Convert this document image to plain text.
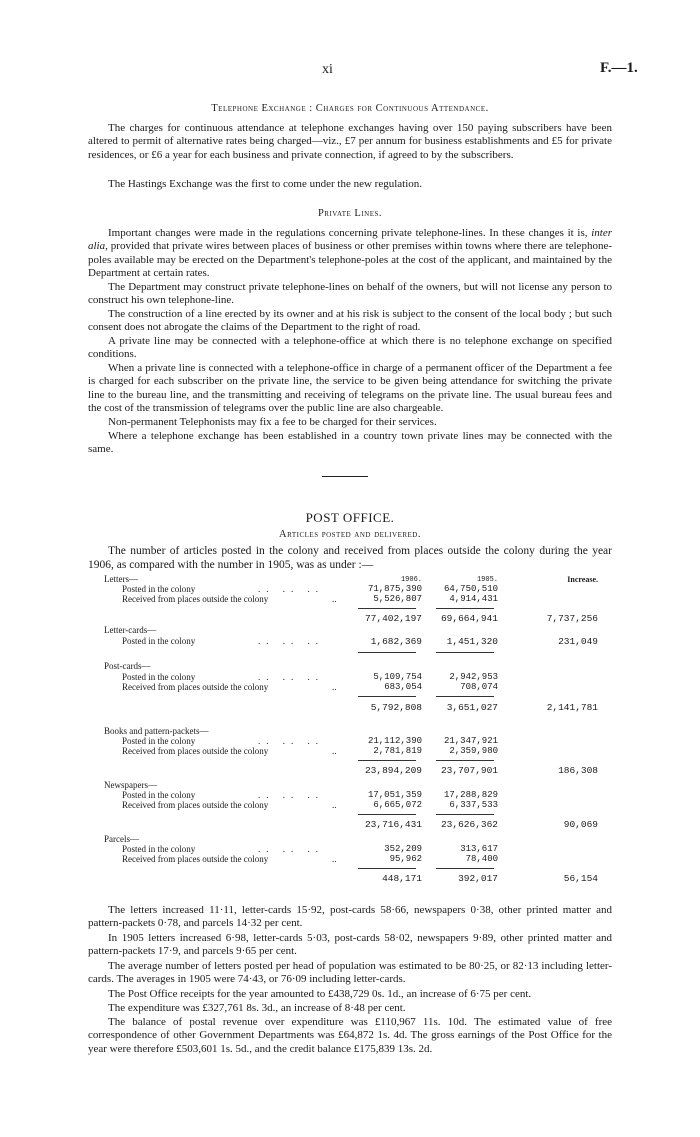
xi	F.—1.
Telephone Exchange : Charges for Continuous Attendance.

The charges for continuous attendance at telephone exchanges having over 150 paying subscribers have been altered to permit of alternative rates being charged—viz., £7 per annum for business establishments and £5 for private residences, or £6 a year for each business and private connection, if agreed to by the subscribers.

The Hastings Exchange was the first to come under the new regulation.

Private Lines.

Important changes were made in the regulations concerning private telephone-lines. In these changes it is, inter alia, provided that private wires between places of business or other premises within towns where there are telephone-poles available may be erected on the Department's telephone-poles at the cost of the applicant, and maintained by the Department at certain rates.

The Department may construct private telephone-lines on behalf of the owners, but will not license any person to construct his own telephone-line.

The construction of a line erected by its owner and at his risk is subject to the consent of the local body ; but such consent does not abrogate the claims of the Department to the right of road.

A private line may be connected with a telephone-office at which there is no telephone exchange on specified conditions.

When a private line is connected with a telephone-office in charge of a permanent officer of the Department a fee is charged for each subscriber on the private line, the service to be given being attendance for switching the private line to the bureau line, and the transmitting and receiving of telegrams on the private line. The usual bureau fees and the cost of the transmission of telegrams over the public line are also chargeable.

Non-permanent Telephonists may fix a fee to be charged for their services.

Where a telephone exchange has been established in a country town private lines may be connected with the same.

POST OFFICE.
Articles posted and delivered.

The number of articles posted in the colony and received from places outside the colony during the year 1906, as compared with the number in 1905, was as under :—

1906.	1905.	Increase.
Letters—
Posted in the colony	.. .. ..	71,875,390	64,750,510
Received from places outside the colony	..	5,526,807	4,914,431
77,402,197	69,664,941	7,737,256
Letter-cards—
Posted in the colony	.. .. ..	1,682,369	1,451,320	231,049
Post-cards—
Posted in the colony	.. .. ..	5,109,754	2,942,953
Received from places outside the colony	..	683,054	708,074
5,792,808	3,651,027	2,141,781
Books and pattern-packets—
Posted in the colony	.. .. ..	21,112,390	21,347,921
Received from places outside the colony	..	2,781,819	2,359,980
23,894,209	23,707,901	186,308
Newspapers—
Posted in the colony	.. .. ..	17,051,359	17,288,829
Received from places outside the colony	..	6,665,072	6,337,533
23,716,431	23,626,362	90,069
Parcels—
Posted in the colony	.. .. ..	352,209	313,617
Received from places outside the colony	..	95,962	78,400
448,171	392,017	56,154

The letters increased 11·11, letter-cards 15·92, post-cards 58·66, newspapers 0·38, other printed matter and pattern-packets 0·78, and parcels 14·32 per cent.

In 1905 letters increased 6·98, letter-cards 5·03, post-cards 58·02, newspapers 9·89, other printed matter and pattern-packets 17·9, and parcels 9·65 per cent.

The average number of letters posted per head of population was estimated to be 80·25, or 82·13 including letter-cards. The averages in 1905 were 74·43, or 76·09 including letter-cards.

The Post Office receipts for the year amounted to £438,729 0s. 1d., an increase of 6·75 per cent.

The expenditure was £327,761 8s. 3d., an increase of 8·48 per cent.

The balance of postal revenue over expenditure was £110,967 11s. 10d. The estimated value of free correspondence of other Government Departments was £64,872 1s. 4d. The gross earnings of the Post Office for the year were therefore £503,601 1s. 5d., and the credit balance £175,839 13s. 2d.
